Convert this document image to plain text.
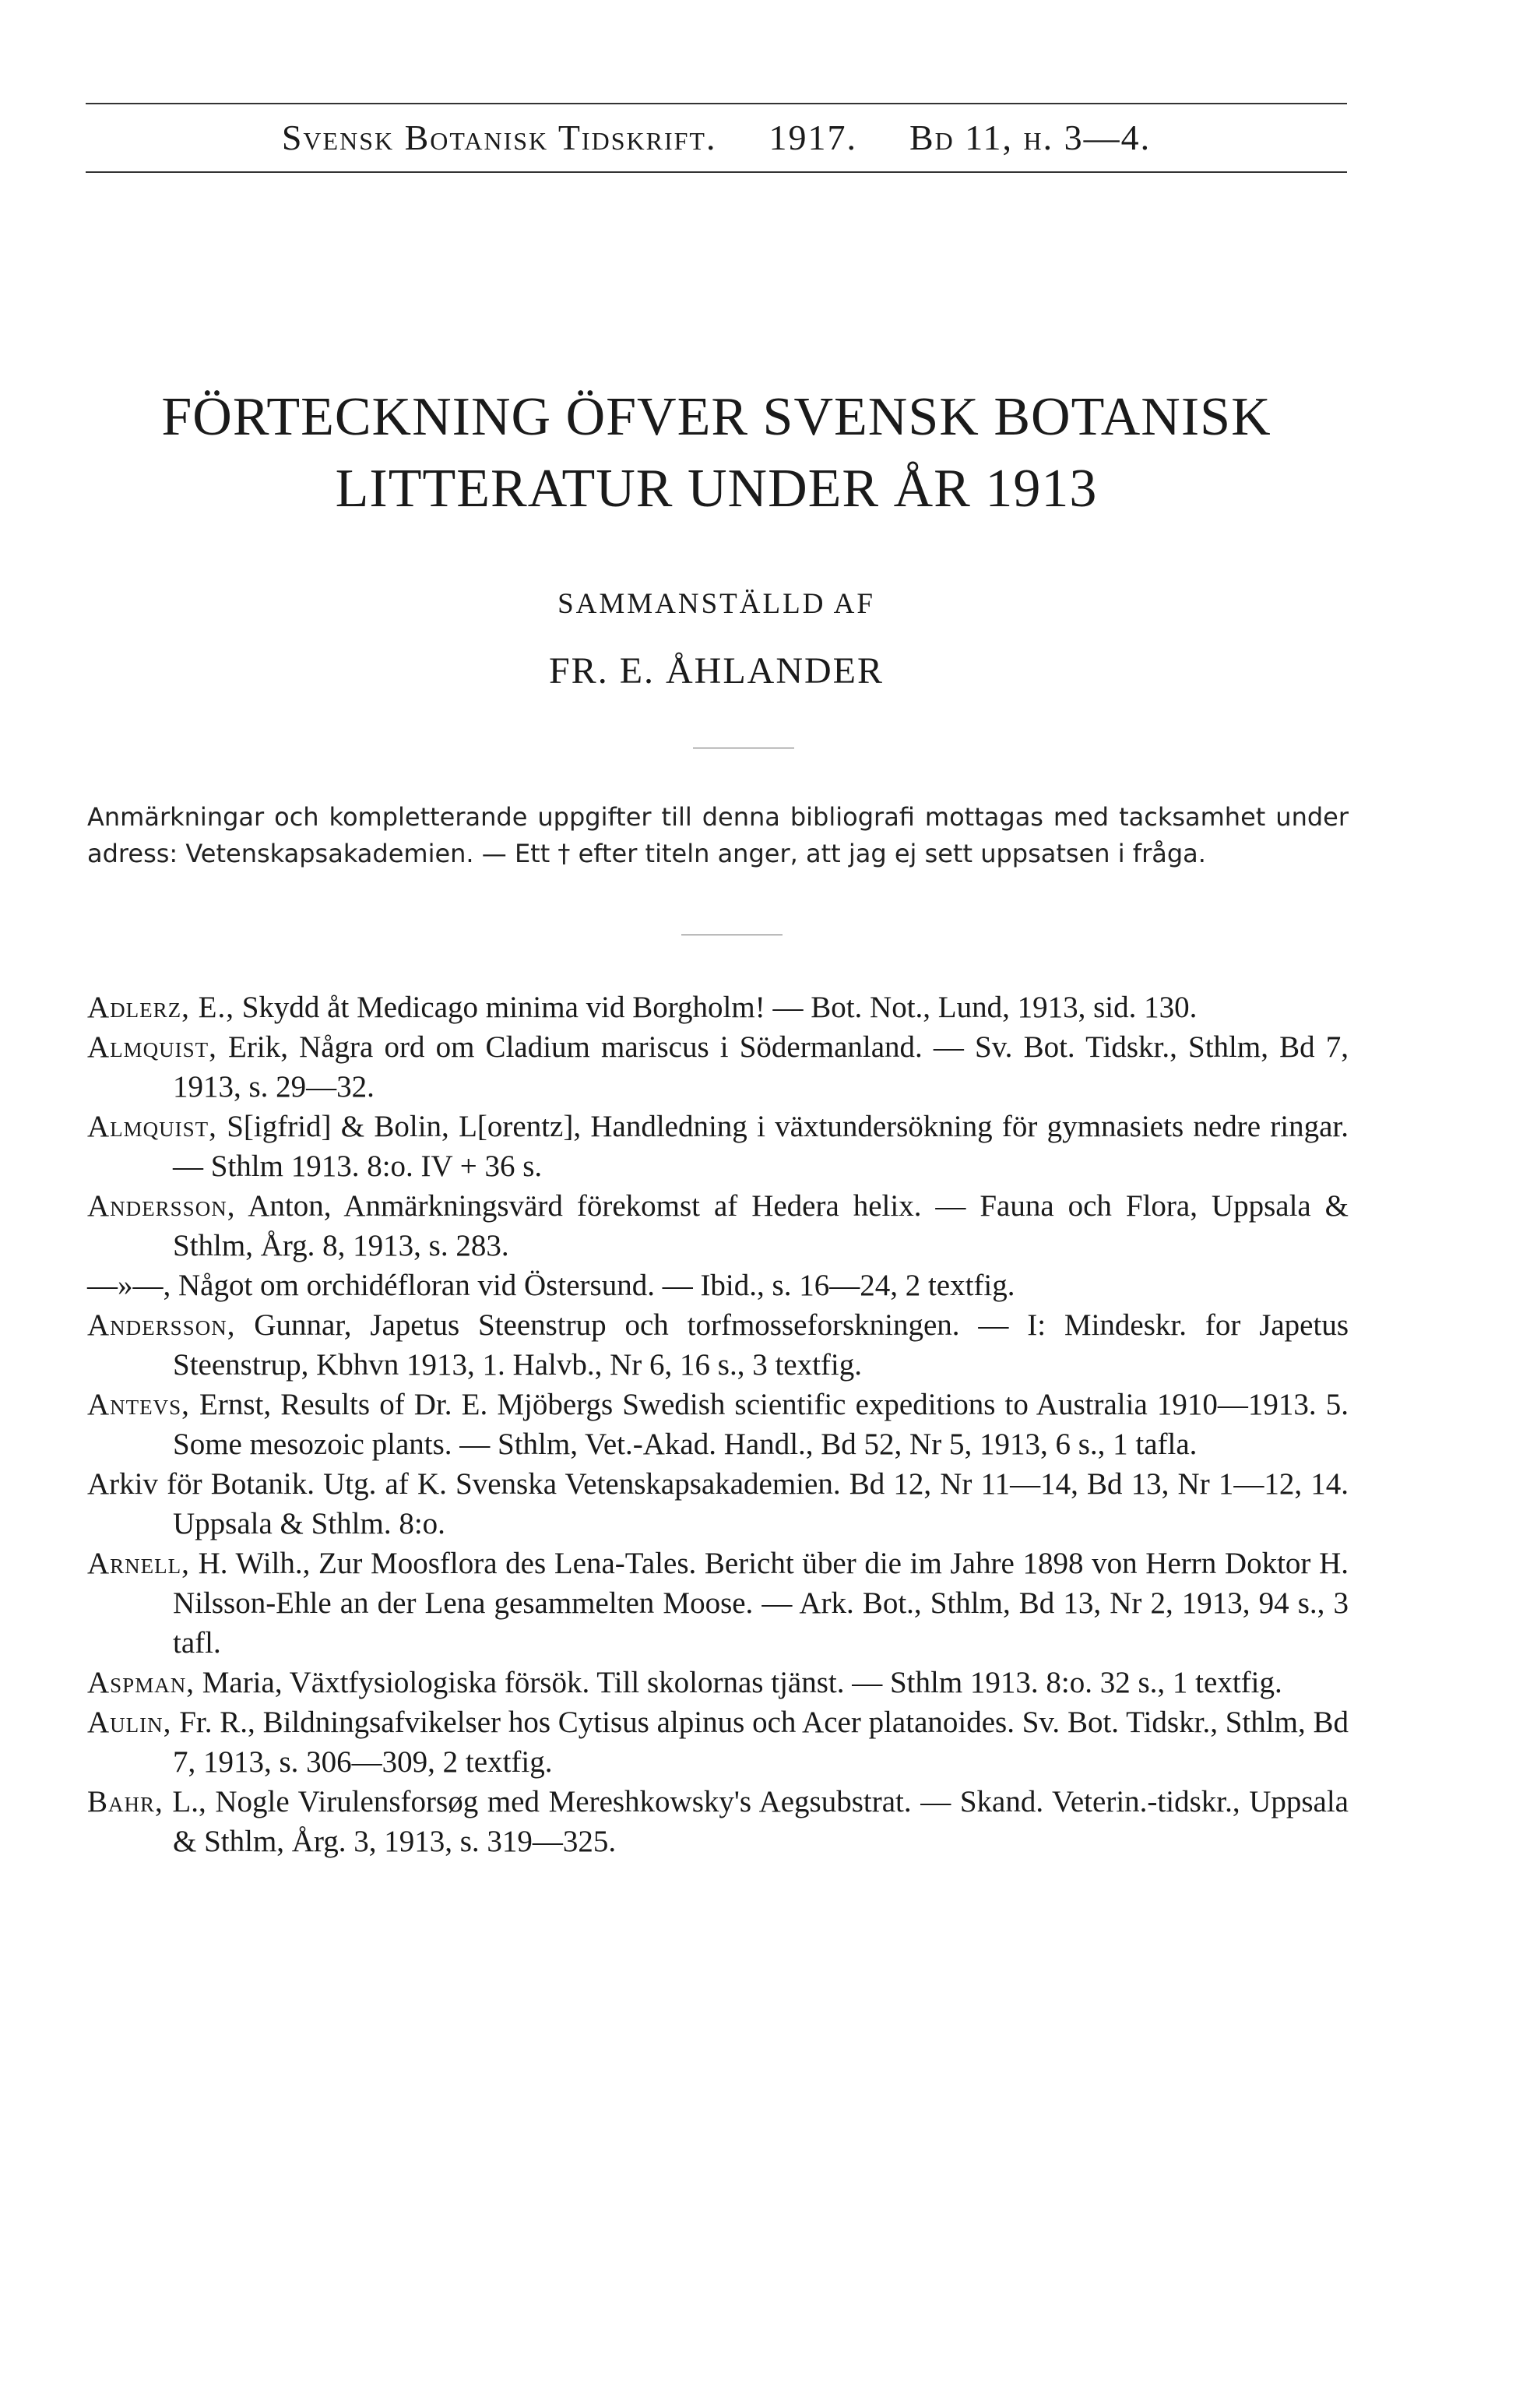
Svensk Botanisk Tidskrift. 1917. Bd 11, h. 3—4.
FÖRTECKNING ÖFVER SVENSK BOTANISK
LITTERATUR UNDER ÅR 1913
SAMMANSTÄLLD AF
FR. E. ÅHLANDER
Anmärkningar och kompletterande uppgifter till denna bibliografi mottagas med tacksamhet under adress: Vetenskapsakademien. — Ett † efter titeln anger, att jag ej sett uppsatsen i fråga.

Adlerz, E., Skydd åt Medicago minima vid Borgholm! — Bot. Not., Lund, 1913, sid. 130.

Almquist, Erik, Några ord om Cladium mariscus i Södermanland. — Sv. Bot. Tidskr., Sthlm, Bd 7, 1913, s. 29—32.

Almquist, S[igfrid] & Bolin, L[orentz], Handledning i växtundersökning för gymnasiets nedre ringar. — Sthlm 1913. 8:o. IV + 36 s.

Andersson, Anton, Anmärkningsvärd förekomst af Hedera helix. — Fauna och Flora, Uppsala & Sthlm, Årg. 8, 1913, s. 283.

—»—, Något om orchidéfloran vid Östersund. — Ibid., s. 16—24, 2 textfig.

Andersson, Gunnar, Japetus Steenstrup och torfmosseforskningen. — I: Mindeskr. for Japetus Steenstrup, Kbhvn 1913, 1. Halvb., Nr 6, 16 s., 3 textfig.

Antevs, Ernst, Results of Dr. E. Mjöbergs Swedish scientific expeditions to Australia 1910—1913. 5. Some mesozoic plants. — Sthlm, Vet.-Akad. Handl., Bd 52, Nr 5, 1913, 6 s., 1 tafla.

Arkiv för Botanik. Utg. af K. Svenska Vetenskapsakademien. Bd 12, Nr 11—14, Bd 13, Nr 1—12, 14. Uppsala & Sthlm. 8:o.

Arnell, H. Wilh., Zur Moosflora des Lena-Tales. Bericht über die im Jahre 1898 von Herrn Doktor H. Nilsson-Ehle an der Lena gesammelten Moose. — Ark. Bot., Sthlm, Bd 13, Nr 2, 1913, 94 s., 3 tafl.

Aspman, Maria, Växtfysiologiska försök. Till skolornas tjänst. — Sthlm 1913. 8:o. 32 s., 1 textfig.

Aulin, Fr. R., Bildningsafvikelser hos Cytisus alpinus och Acer platanoides. Sv. Bot. Tidskr., Sthlm, Bd 7, 1913, s. 306—309, 2 textfig.

Bahr, L., Nogle Virulensforsøg med Mereshkowsky's Aegsubstrat. — Skand. Veterin.-tidskr., Uppsala & Sthlm, Årg. 3, 1913, s. 319—325.
